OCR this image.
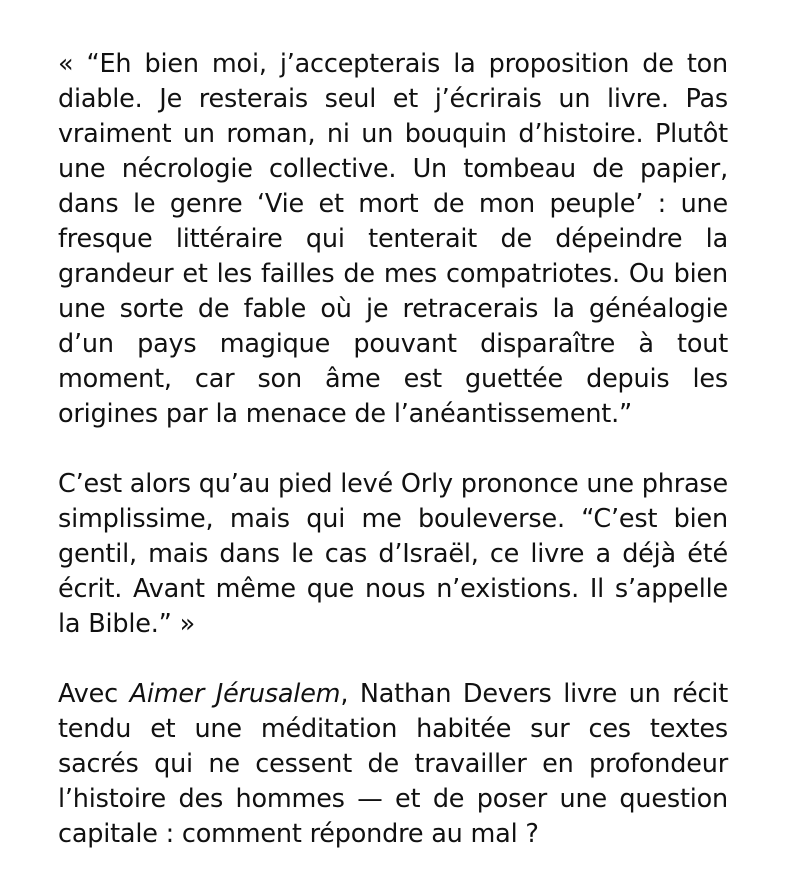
« “Eh bien moi, j’accepterais la proposition de ton diable. Je resterais seul et j’écrirais un livre. Pas vraiment un roman, ni un bouquin d’histoire. Plutôt une nécrologie collective. Un tombeau de papier, dans le genre ‘Vie et mort de mon peuple’ : une fresque littéraire qui tenterait de dépeindre la grandeur et les failles de mes compatriotes. Ou bien une sorte de fable où je retracerais la généalogie d’un pays magique pouvant disparaître à tout moment, car son âme est guettée depuis les origines par la menace de l’anéantissement.”

C’est alors qu’au pied levé Orly prononce une phrase simplissime, mais qui me bouleverse. “C’est bien gentil, mais dans le cas d’Israël, ce livre a déjà été écrit. Avant même que nous n’existions. Il s’appelle la Bible.” »

Avec Aimer Jérusalem, Nathan Devers livre un récit tendu et une méditation habitée sur ces textes sacrés qui ne cessent de travailler en profondeur l’histoire des hommes — et de poser une question capitale : comment répondre au mal ?
